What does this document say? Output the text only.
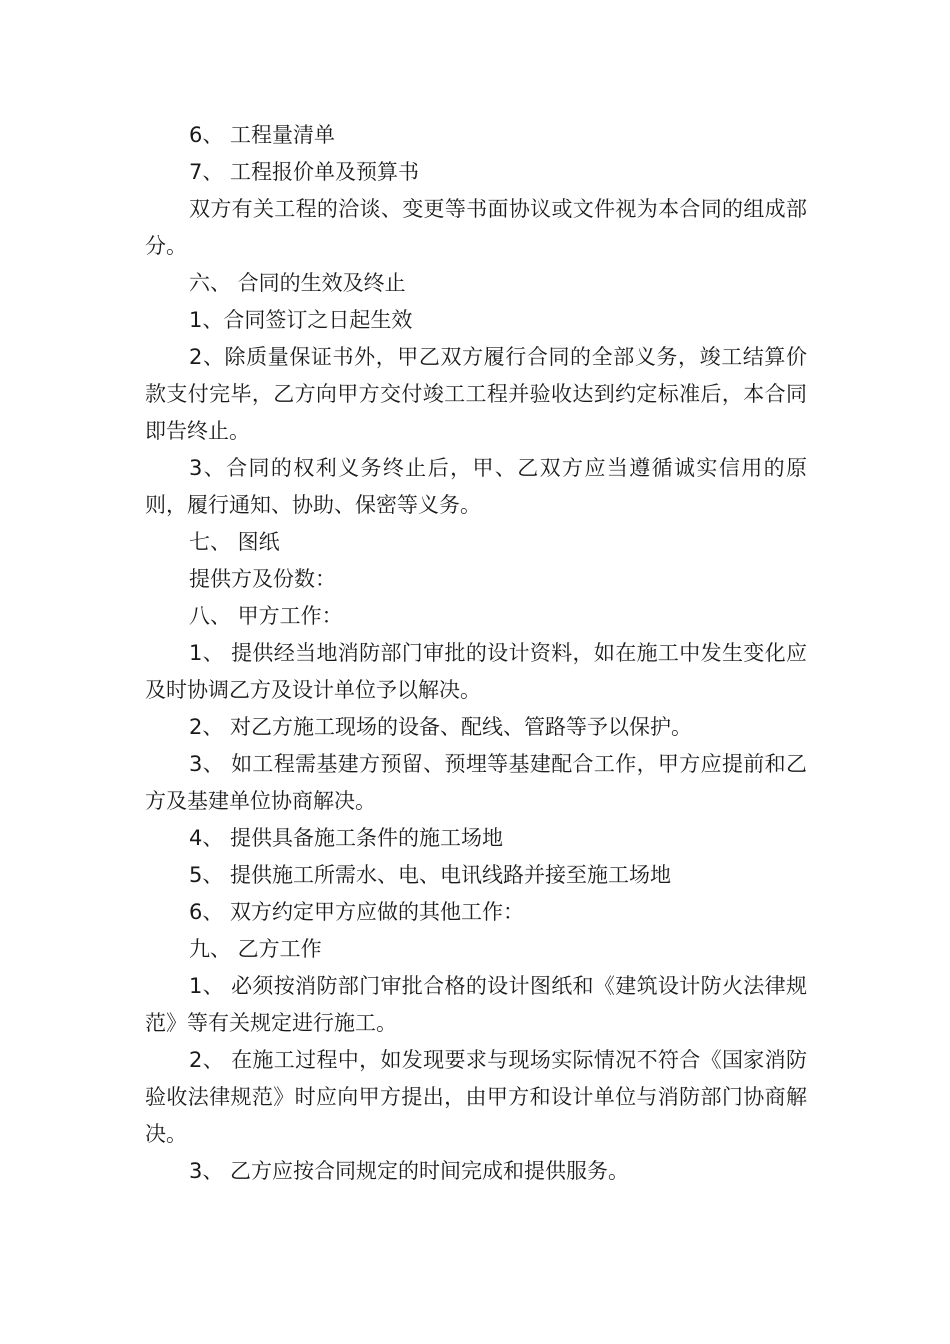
6、 工程量清单

7、 工程报价单及预算书

双方有关工程的洽谈、变更等书面协议或文件视为本合同的组成部分。

六、 合同的生效及终止

1、合同签订之日起生效

2、除质量保证书外，甲乙双方履行合同的全部义务，竣工结算价款支付完毕，乙方向甲方交付竣工工程并验收达到约定标准后，本合同即告终止。

3、合同的权利义务终止后，甲、乙双方应当遵循诚实信用的原则，履行通知、协助、保密等义务。

七、 图纸

提供方及份数：

八、 甲方工作：

1、 提供经当地消防部门审批的设计资料，如在施工中发生变化应及时协调乙方及设计单位予以解决。

2、 对乙方施工现场的设备、配线、管路等予以保护。

3、 如工程需基建方预留、预埋等基建配合工作，甲方应提前和乙方及基建单位协商解决。

4、 提供具备施工条件的施工场地

5、 提供施工所需水、电、电讯线路并接至施工场地

6、 双方约定甲方应做的其他工作：

九、 乙方工作

1、 必须按消防部门审批合格的设计图纸和《建筑设计防火法律规范》等有关规定进行施工。

2、 在施工过程中，如发现要求与现场实际情况不符合《国家消防验收法律规范》时应向甲方提出，由甲方和设计单位与消防部门协商解决。

3、 乙方应按合同规定的时间完成和提供服务。
